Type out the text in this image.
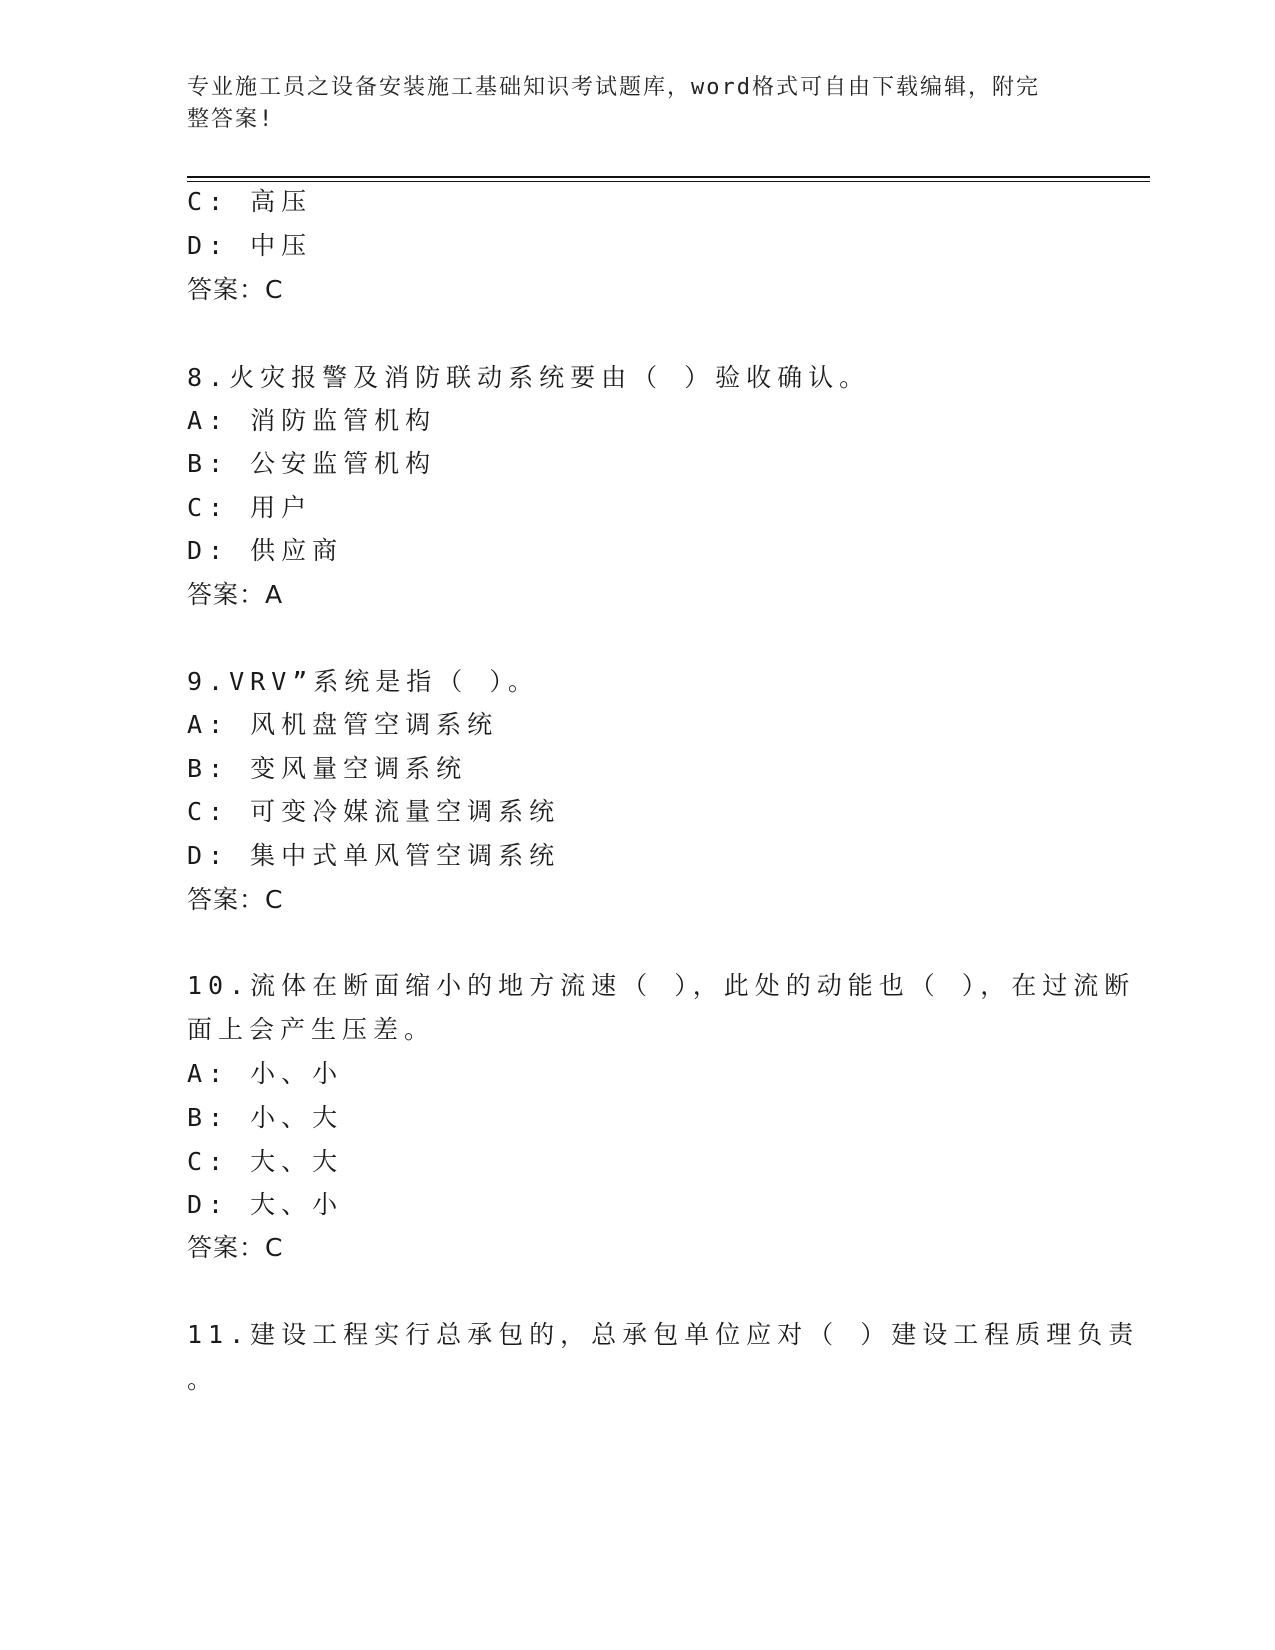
专业施工员之设备安装施工基础知识考试题库，word格式可自由下载编辑，附完
整答案!
C: 高压
D: 中压
答案：C
8.火灾报警及消防联动系统要由（ ）验收确认。
A: 消防监管机构
B: 公安监管机构
C: 用户
D: 供应商
答案：A
9.VRV”系统是指（ ）。
A: 风机盘管空调系统
B: 变风量空调系统
C: 可变冷媒流量空调系统
D: 集中式单风管空调系统
答案：C
10.流体在断面缩小的地方流速（ ），此处的动能也（ ），在过流断
面上会产生压差。
A: 小、小
B: 小、大
C: 大、大
D: 大、小
答案：C
11.建设工程实行总承包的，总承包单位应对（ ）建设工程质理负责
。
